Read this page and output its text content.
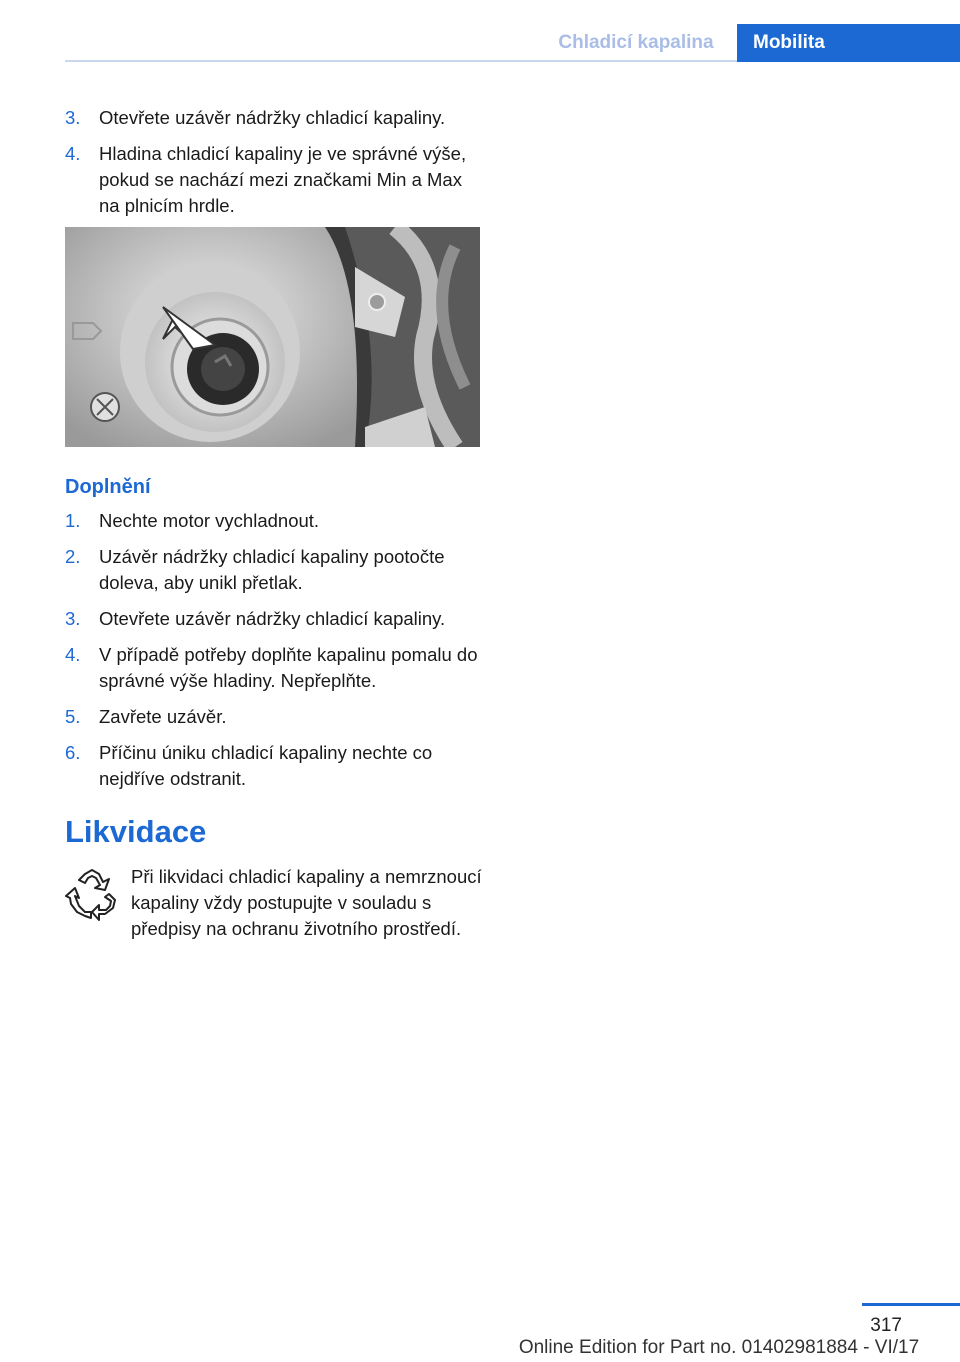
Chladicí kapalina	Mobilita
3. Otevřete uzávěr nádržky chladicí kapaliny.
4. Hladina chladicí kapaliny je ve správné výše, pokud se nachází mezi značkami Min a Max na plnicím hrdle.
Doplnění
1. Nechte motor vychladnout.
2. Uzávěr nádržky chladicí kapaliny pootočte doleva, aby unikl přetlak.
3. Otevřete uzávěr nádržky chladicí kapaliny.
4. V případě potřeby doplňte kapalinu pomalu do správné výše hladiny. Nepřeplňte.
5. Zavřete uzávěr.
6. Příčinu úniku chladicí kapaliny nechte co nejdříve odstranit.
Likvidace
Při likvidaci chladicí kapaliny a nemrznoucí kapaliny vždy postupujte v souladu s předpisy na ochranu životního prostředí.
317
Online Edition for Part no. 01402981884 - VI/17
